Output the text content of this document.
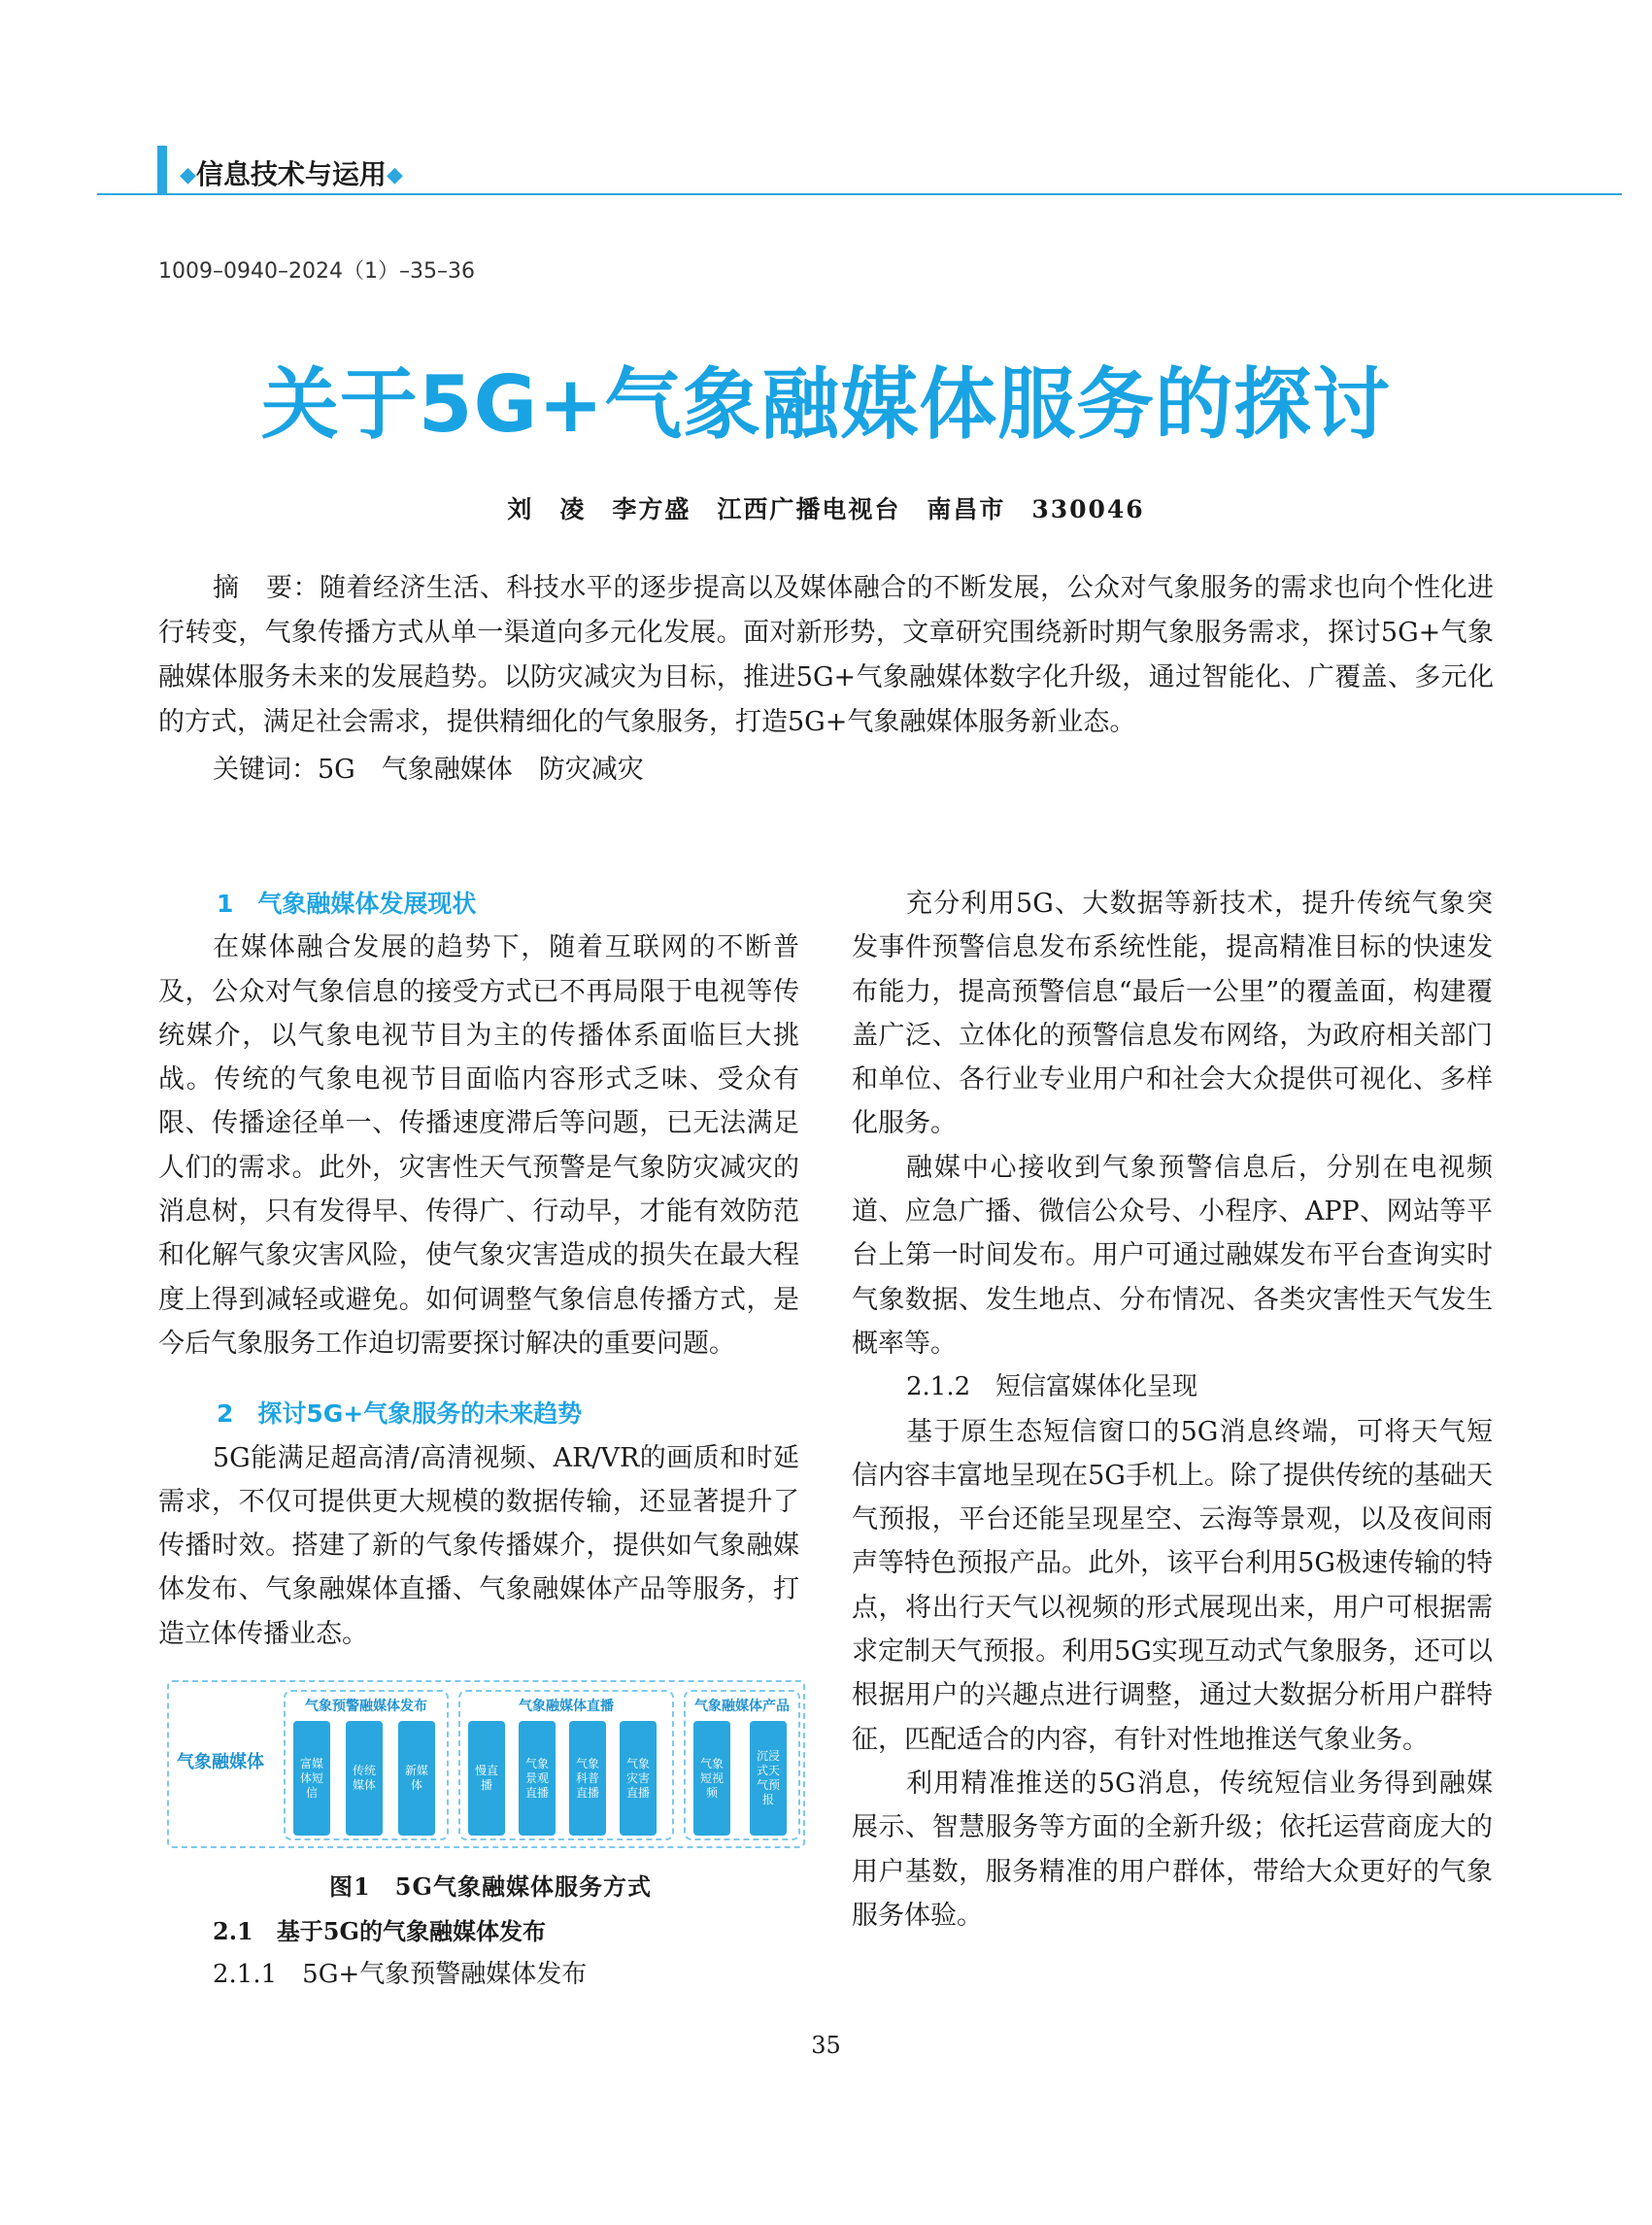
◆信息技术与运用◆
1009–0940–2024（1）–35–36
关于5G+气象融媒体服务的探讨
刘　凌　李方盛　江西广播电视台　南昌市　330046

摘　要：随着经济生活、科技水平的逐步提高以及媒体融合的不断发展，公众对气象服务的需求也向个性化进行转变，气象传播方式从单一渠道向多元化发展。面对新形势，文章研究围绕新时期气象服务需求，探讨5G+气象融媒体服务未来的发展趋势。以防灾减灾为目标，推进5G+气象融媒体数字化升级，通过智能化、广覆盖、多元化的方式，满足社会需求，提供精细化的气象服务，打造5G+气象融媒体服务新业态。

关键词：5G　气象融媒体　防灾减灾
1　气象融媒体发展现状

在媒体融合发展的趋势下，随着互联网的不断普及，公众对气象信息的接受方式已不再局限于电视等传统媒介，以气象电视节目为主的传播体系面临巨大挑战。传统的气象电视节目面临内容形式乏味、受众有限、传播途径单一、传播速度滞后等问题，已无法满足人们的需求。此外，灾害性天气预警是气象防灾减灾的消息树，只有发得早、传得广、行动早，才能有效防范和化解气象灾害风险，使气象灾害造成的损失在最大程度上得到减轻或避免。如何调整气象信息传播方式，是今后气象服务工作迫切需要探讨解决的重要问题。

2　探讨5G+气象服务的未来趋势

5G能满足超高清/高清视频、AR/VR的画质和时延需求，不仅可提供更大规模的数据传输，还显著提升了传播时效。搭建了新的气象传播媒介，提供如气象融媒体发布、气象融媒体直播、气象融媒体产品等服务，打造立体传播业态。

气象融媒体
气象预警融媒体发布
富媒体短信
传统媒体
新媒体
气象融媒体直播
慢直播
气象景观直播
气象科普直播
气象灾害直播
气象融媒体产品
气象短视频
沉浸式天气预报
图1　5G气象融媒体服务方式
2.1　基于5G的气象融媒体发布
2.1.1　5G+气象预警融媒体发布

充分利用5G、大数据等新技术，提升传统气象突发事件预警信息发布系统性能，提高精准目标的快速发布能力，提高预警信息“最后一公里”的覆盖面，构建覆盖广泛、立体化的预警信息发布网络，为政府相关部门和单位、各行业专业用户和社会大众提供可视化、多样化服务。

融媒中心接收到气象预警信息后，分别在电视频道、应急广播、微信公众号、小程序、APP、网站等平台上第一时间发布。用户可通过融媒发布平台查询实时气象数据、发生地点、分布情况、各类灾害性天气发生概率等。

2.1.2　短信富媒体化呈现

基于原生态短信窗口的5G消息终端，可将天气短信内容丰富地呈现在5G手机上。除了提供传统的基础天气预报，平台还能呈现星空、云海等景观，以及夜间雨声等特色预报产品。此外，该平台利用5G极速传输的特点，将出行天气以视频的形式展现出来，用户可根据需求定制天气预报。利用5G实现互动式气象服务，还可以根据用户的兴趣点进行调整，通过大数据分析用户群特征，匹配适合的内容，有针对性地推送气象业务。

利用精准推送的5G消息，传统短信业务得到融媒展示、智慧服务等方面的全新升级；依托运营商庞大的用户基数，服务精准的用户群体，带给大众更好的气象服务体验。

35
